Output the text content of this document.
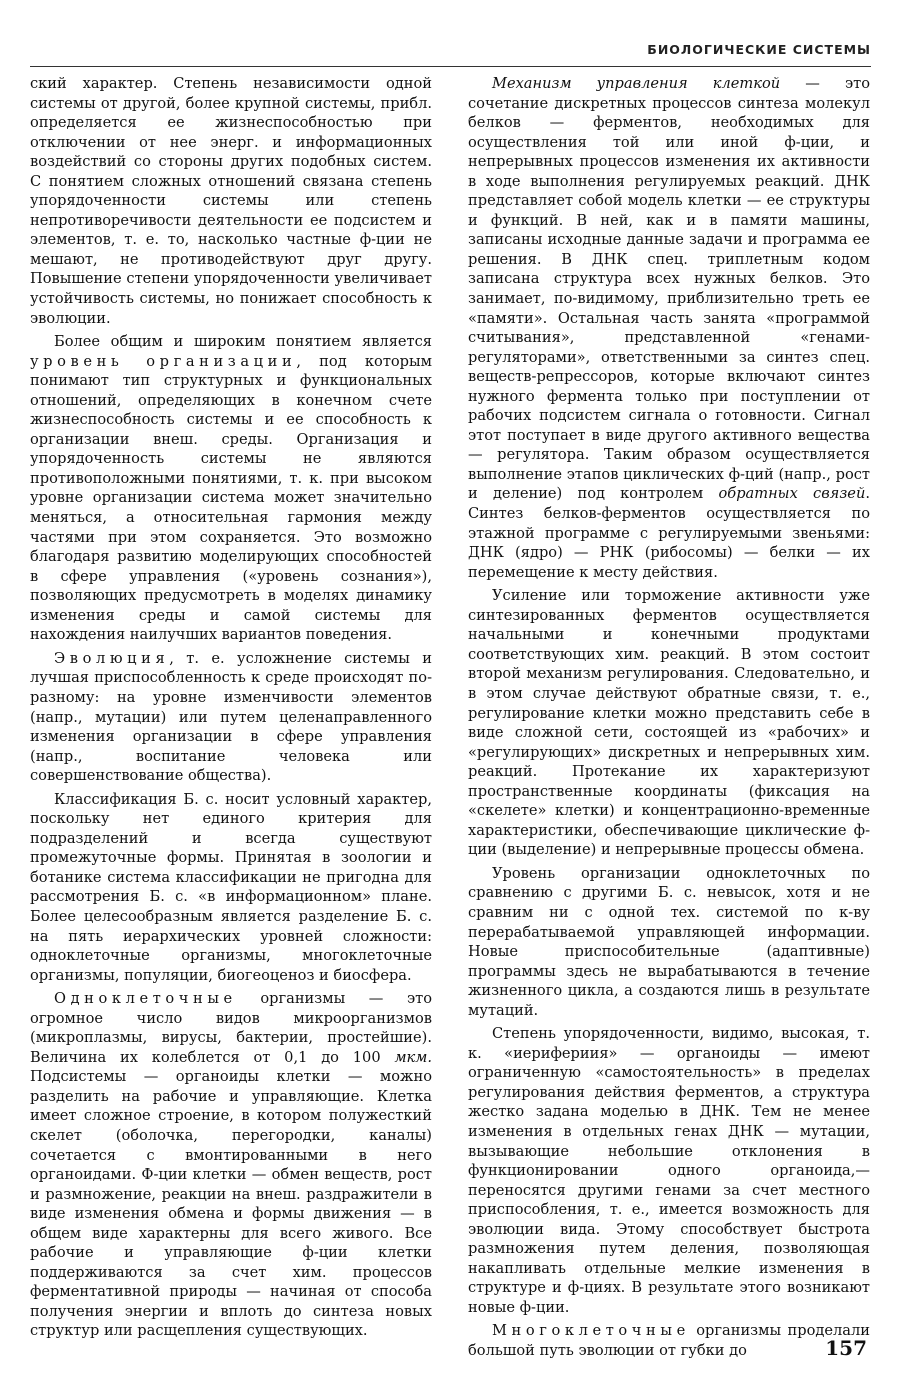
БИОЛОГИЧЕСКИЕ СИСТЕМЫ

ский характер. Степень независимости одной системы от другой, более крупной системы, прибл. определяется ее жизнеспособностью при отключении от нее энерг. и информационных воздействий со стороны других подобных систем. С понятием сложных отношений связана степень упорядоченности системы или степень непротиворечивости деятельности ее подсистем и элементов, т. е. то, насколько частные ф-ции не мешают, не противодействуют друг другу. Повышение степени упорядоченности увеличивает устойчивость системы, но понижает способность к эволюции.

Более общим и широким понятием является уровень организации, под которым понимают тип структурных и функциональных отношений, определяющих в конечном счете жизнеспособность системы и ее способность к организации внеш. среды. Организация и упорядоченность системы не являются противоположными понятиями, т. к. при высоком уровне организации система может значительно меняться, а относительная гармония между частями при этом сохраняется. Это возможно благодаря развитию моделирующих способностей в сфере управления («уровень сознания»), позволяющих предусмотреть в моделях динамику изменения среды и самой системы для нахождения наилучших вариантов поведения.

Эволюция, т. е. усложнение системы и лучшая приспособленность к среде происходят по-разному: на уровне изменчивости элементов (напр., мутации) или путем целенаправленного изменения организации в сфере управления (напр., воспитание человека или совершенствование общества).

Классификация Б. с. носит условный характер, поскольку нет единого критерия для подразделений и всегда существуют промежуточные формы. Принятая в зоологии и ботанике система классификации не пригодна для рассмотрения Б. с. «в информационном» плане. Более целесообразным является разделение Б. с. на пять иерархических уровней сложности: одноклеточные организмы, многоклеточные организмы, популяции, биогеоценоз и биосфера.

Одноклеточные организмы — это огромное число видов микроорганизмов (микроплазмы, вирусы, бактерии, простейшие). Величина их колеблется от 0,1 до 100 мкм. Подсистемы — органоиды клетки — можно разделить на рабочие и управляющие. Клетка имеет сложное строение, в котором полужесткий скелет (оболочка, перегородки, каналы) сочетается с вмонтированными в него органоидами. Ф-ции клетки — обмен веществ, рост и размножение, реакции на внеш. раздражители в виде изменения обмена и формы движения — в общем виде характерны для всего живого. Все рабочие и управляющие ф-ции клетки поддерживаются за счет хим. процессов ферментативной природы — начиная от способа получения энергии и вплоть до синтеза новых структур или расщепления существующих.

Механизм управления клеткой — это сочетание дискретных процессов синтеза молекул белков — ферментов, необходимых для осуществления той или иной ф-ции, и непрерывных процессов изменения их активности в ходе выполнения регулируемых реакций. ДНК представляет собой модель клетки — ее структуры и функций. В ней, как и в памяти машины, записаны исходные данные задачи и программа ее решения. В ДНК спец. триплетным кодом записана структура всех нужных белков. Это занимает, по-видимому, приблизительно треть ее «памяти». Остальная часть занята «программой считывания», представленной «генами-регуляторами», ответственными за синтез спец. веществ-репрессоров, которые включают синтез нужного фермента только при поступлении от рабочих подсистем сигнала о готовности. Сигнал этот поступает в виде другого активного вещества — регулятора. Таким образом осуществляется выполнение этапов циклических ф-ций (напр., рост и деление) под контролем обратных связей. Синтез белков-ферментов осуществляется по этажной программе с регулируемыми звеньями: ДНК (ядро) — РНК (рибосомы) — белки — их перемещение к месту действия.

Усиление или торможение активности уже синтезированных ферментов осуществляется начальными и конечными продуктами соответствующих хим. реакций. В этом состоит второй механизм регулирования. Следовательно, и в этом случае действуют обратные связи, т. е., регулирование клетки можно представить себе в виде сложной сети, состоящей из «рабочих» и «регулирующих» дискретных и непрерывных хим. реакций. Протекание их характеризуют пространственные координаты (фиксация на «скелете» клетки) и концентрационно-временные характеристики, обеспечивающие циклические ф-ции (выделение) и непрерывные процессы обмена.

Уровень организации одноклеточных по сравнению с другими Б. с. невысок, хотя и не сравним ни с одной тех. системой по к-ву перерабатываемой управляющей информации. Новые приспособительные (адаптивные) программы здесь не вырабатываются в течение жизненного цикла, а создаются лишь в результате мутаций.

Степень упорядоченности, видимо, высокая, т. к. «иерифериия» — органоиды — имеют ограниченную «самостоятельность» в пределах регулирования действия ферментов, а структура жестко задана моделью в ДНК. Тем не менее изменения в отдельных генах ДНК — мутации, вызывающие небольшие отклонения в функционировании одного органоида,— переносятся другими генами за счет местного приспособления, т. е., имеется возможность для эволюции вида. Этому способствует быстрота размножения путем деления, позволяющая накапливать отдельные мелкие изменения в структуре и ф-циях. В результате этого возникают новые ф-ции.

Многоклеточные организмы проделали большой путь эволюции от губки до	157
